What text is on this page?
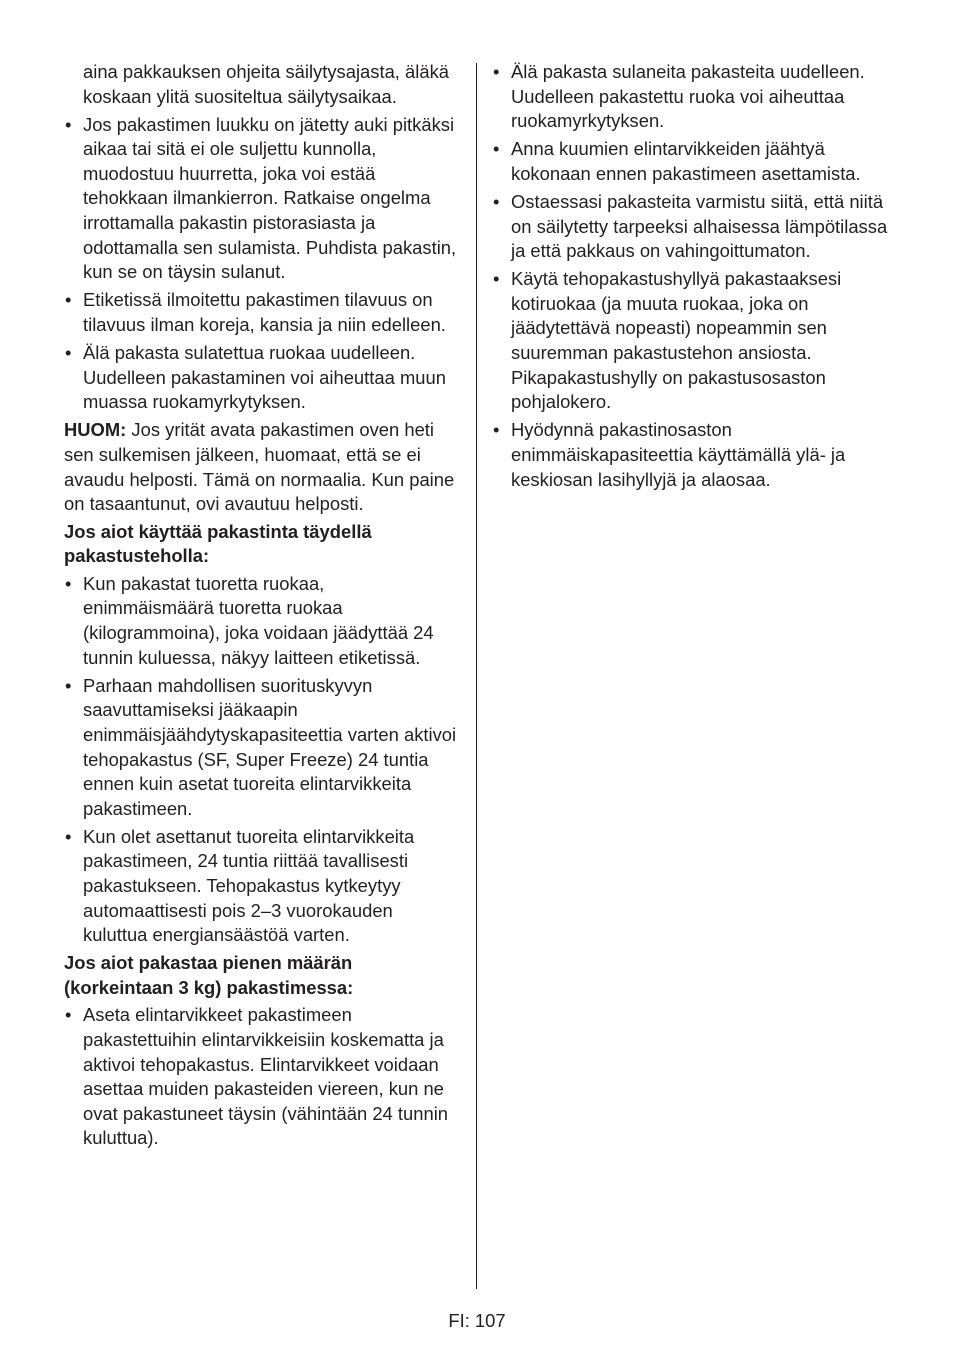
aina pakkauksen ohjeita säilytysajasta, äläkä koskaan ylitä suositeltua säilytysaikaa.

• Jos pakastimen luukku on jätetty auki pitkäksi aikaa tai sitä ei ole suljettu kunnolla, muodostuu huurretta, joka voi estää tehokkaan ilmankierron. Ratkaise ongelma irrottamalla pakastin pistorasiasta ja odottamalla sen sulamista. Puhdista pakastin, kun se on täysin sulanut.
• Etiketissä ilmoitettu pakastimen tilavuus on tilavuus ilman koreja, kansia ja niin edelleen.
• Älä pakasta sulatettua ruokaa uudelleen. Uudelleen pakastaminen voi aiheuttaa muun muassa ruokamyrkytyksen.

HUOM: Jos yrität avata pakastimen oven heti sen sulkemisen jälkeen, huomaat, että se ei avaudu helposti. Tämä on normaalia. Kun paine on tasaantunut, ovi avautuu helposti.

Jos aiot käyttää pakastinta täydellä pakastusteholla:

• Kun pakastat tuoretta ruokaa, enimmäismäärä tuoretta ruokaa (kilogrammoina), joka voidaan jäädyttää 24 tunnin kuluessa, näkyy laitteen etiketissä.
• Parhaan mahdollisen suorituskyvyn saavuttamiseksi jääkaapin enimmäisjäähdytyskapasiteettia varten aktivoi tehopakastus (SF, Super Freeze) 24 tuntia ennen kuin asetat tuoreita elintarvikkeita pakastimeen.
• Kun olet asettanut tuoreita elintarvikkeita pakastimeen, 24 tuntia riittää tavallisesti pakastukseen. Tehopakastus kytkeytyy automaattisesti pois 2–3 vuorokauden kuluttua energiansäästöä varten.

Jos aiot pakastaa pienen määrän (korkeintaan 3 kg) pakastimessa:

• Aseta elintarvikkeet pakastimeen pakastettuihin elintarvikkeisiin koskematta ja aktivoi tehopakastus. Elintarvikkeet voidaan asettaa muiden pakasteiden viereen, kun ne ovat pakastuneet täysin (vähintään 24 tunnin kuluttua).
• Älä pakasta sulaneita pakasteita uudelleen. Uudelleen pakastettu ruoka voi aiheuttaa ruokamyrkytyksen.
• Anna kuumien elintarvikkeiden jäähtyä kokonaan ennen pakastimeen asettamista.
• Ostaessasi pakasteita varmistu siitä, että niitä on säilytetty tarpeeksi alhaisessa lämpötilassa ja että pakkaus on vahingoittumaton.
• Käytä tehopakastushyllyä pakastaaksesi kotiruokaa (ja muuta ruokaa, joka on jäädytettävä nopeasti) nopeammin sen suuremman pakastustehon ansiosta. Pikapakastushylly on pakastusosaston pohjalokero.
• Hyödynnä pakastinosaston enimmäiskapasiteettia käyttämällä ylä- ja keskiosan lasihyllyjä ja alaosaa.
FI: 107
